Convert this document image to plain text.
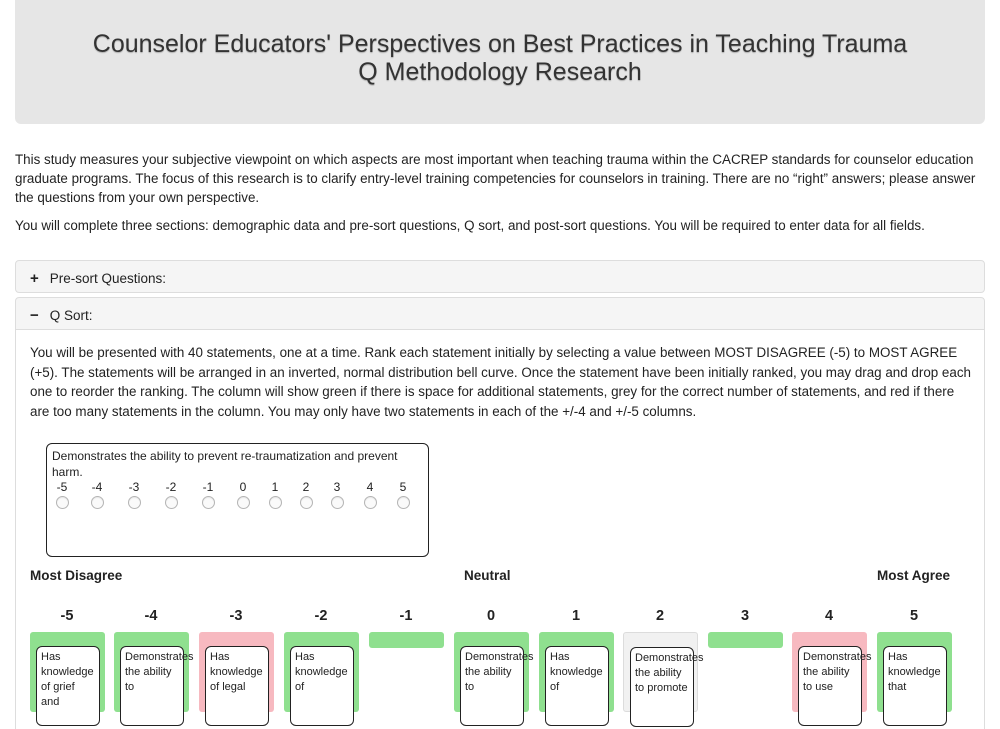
Counselor Educators' Perspectives on Best Practices in Teaching Trauma
Q Methodology Research
This study measures your subjective viewpoint on which aspects are most important when teaching trauma within the CACREP standards for counselor education graduate programs. The focus of this research is to clarify entry-level training competencies for counselors in training. There are no “right” answers; please answer the questions from your own perspective.
You will complete three sections: demographic data and pre-sort questions, Q sort, and post-sort questions. You will be required to enter data for all fields.
+ Pre-sort Questions:
− Q Sort:
You will be presented with 40 statements, one at a time. Rank each statement initially by selecting a value between MOST DISAGREE (-5) to MOST AGREE (+5). The statements will be arranged in an inverted, normal distribution bell curve. Once the statement have been initially ranked, you may drag and drop each one to reorder the ranking. The column will show green if there is space for additional statements, grey for the correct number of statements, and red if there are too many statements in the column. You may only have two statements in each of the +/-4 and +/-5 columns.
Demonstrates the ability to prevent re-traumatization and prevent harm.
-5	-4	-3	-2	-1	0	1	2	3	4	5
Most Disagree	Neutral	Most Agree
-5
Has knowledge of grief and
-4
Demonstrates the ability to
-3
Has knowledge of legal
-2
Has knowledge of
-1	0
Demonstrates the ability to
1
Has knowledge of
2
Demonstrates the ability to promote
3	4
Demonstrates the ability to use
5
Has knowledge that
